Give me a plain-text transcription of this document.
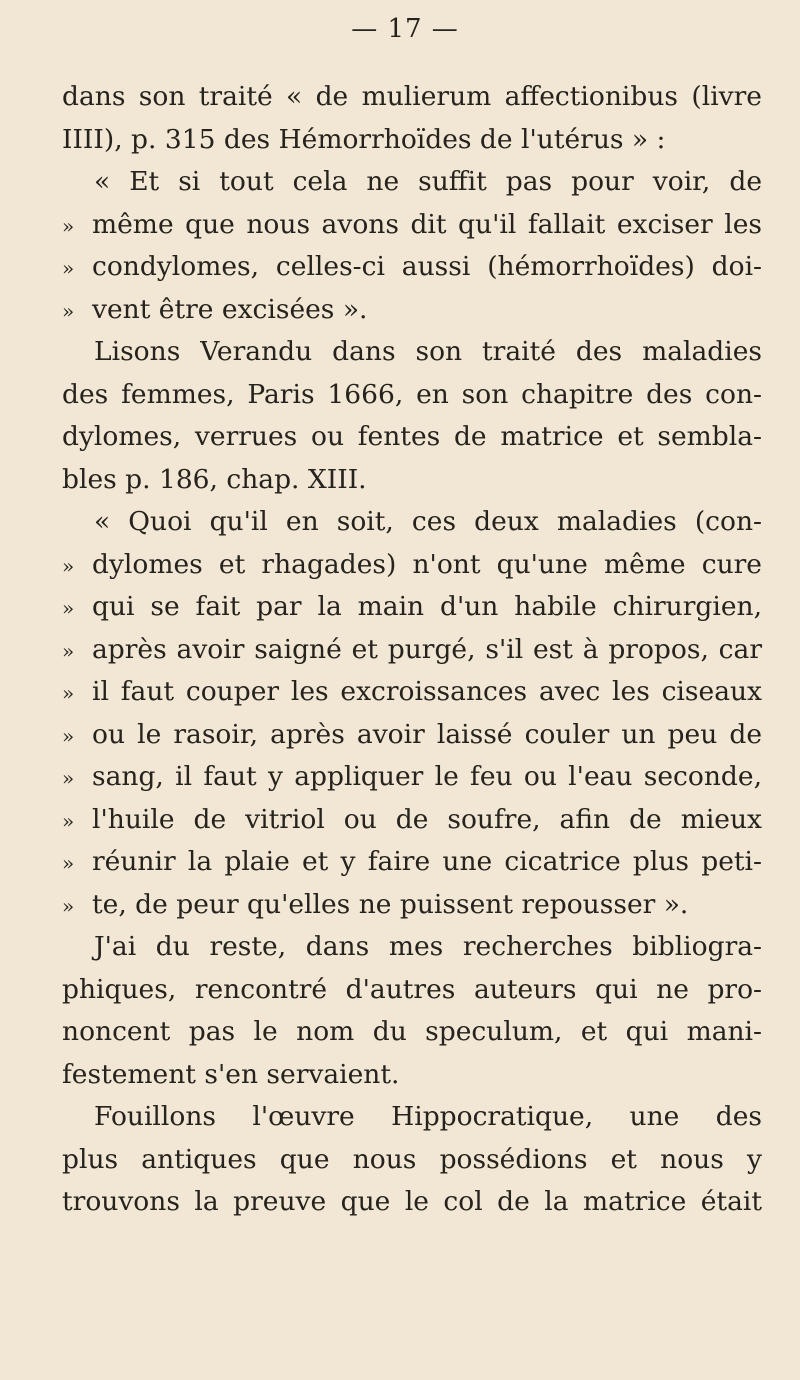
— 17 —
dans son traité « de mulierum affectionibus (livre
IIII), p. 315 des Hémorrhoïdes de l'utérus » :
« Et si tout cela ne suffit pas pour voir, de
» même que nous avons dit qu'il fallait exciser les
» condylomes, celles-ci aussi (hémorrhoïdes) doi-
» vent être excisées ».
Lisons Verandu dans son traité des maladies
des femmes, Paris 1666, en son chapitre des con-
dylomes, verrues ou fentes de matrice et sembla-
bles p. 186, chap. XIII.
« Quoi qu'il en soit, ces deux maladies (con-
» dylomes et rhagades) n'ont qu'une même cure
» qui se fait par la main d'un habile chirurgien,
» après avoir saigné et purgé, s'il est à propos, car
» il faut couper les excroissances avec les ciseaux
» ou le rasoir, après avoir laissé couler un peu de
» sang, il faut y appliquer le feu ou l'eau seconde,
» l'huile de vitriol ou de soufre, afin de mieux
» réunir la plaie et y faire une cicatrice plus peti-
» te, de peur qu'elles ne puissent repousser ».
J'ai du reste, dans mes recherches bibliogra-
phiques, rencontré d'autres auteurs qui ne pro-
noncent pas le nom du speculum, et qui mani-
festement s'en servaient.
Fouillons l'œuvre Hippocratique, une des
plus antiques que nous possédions et nous y
trouvons la preuve que le col de la matrice était
